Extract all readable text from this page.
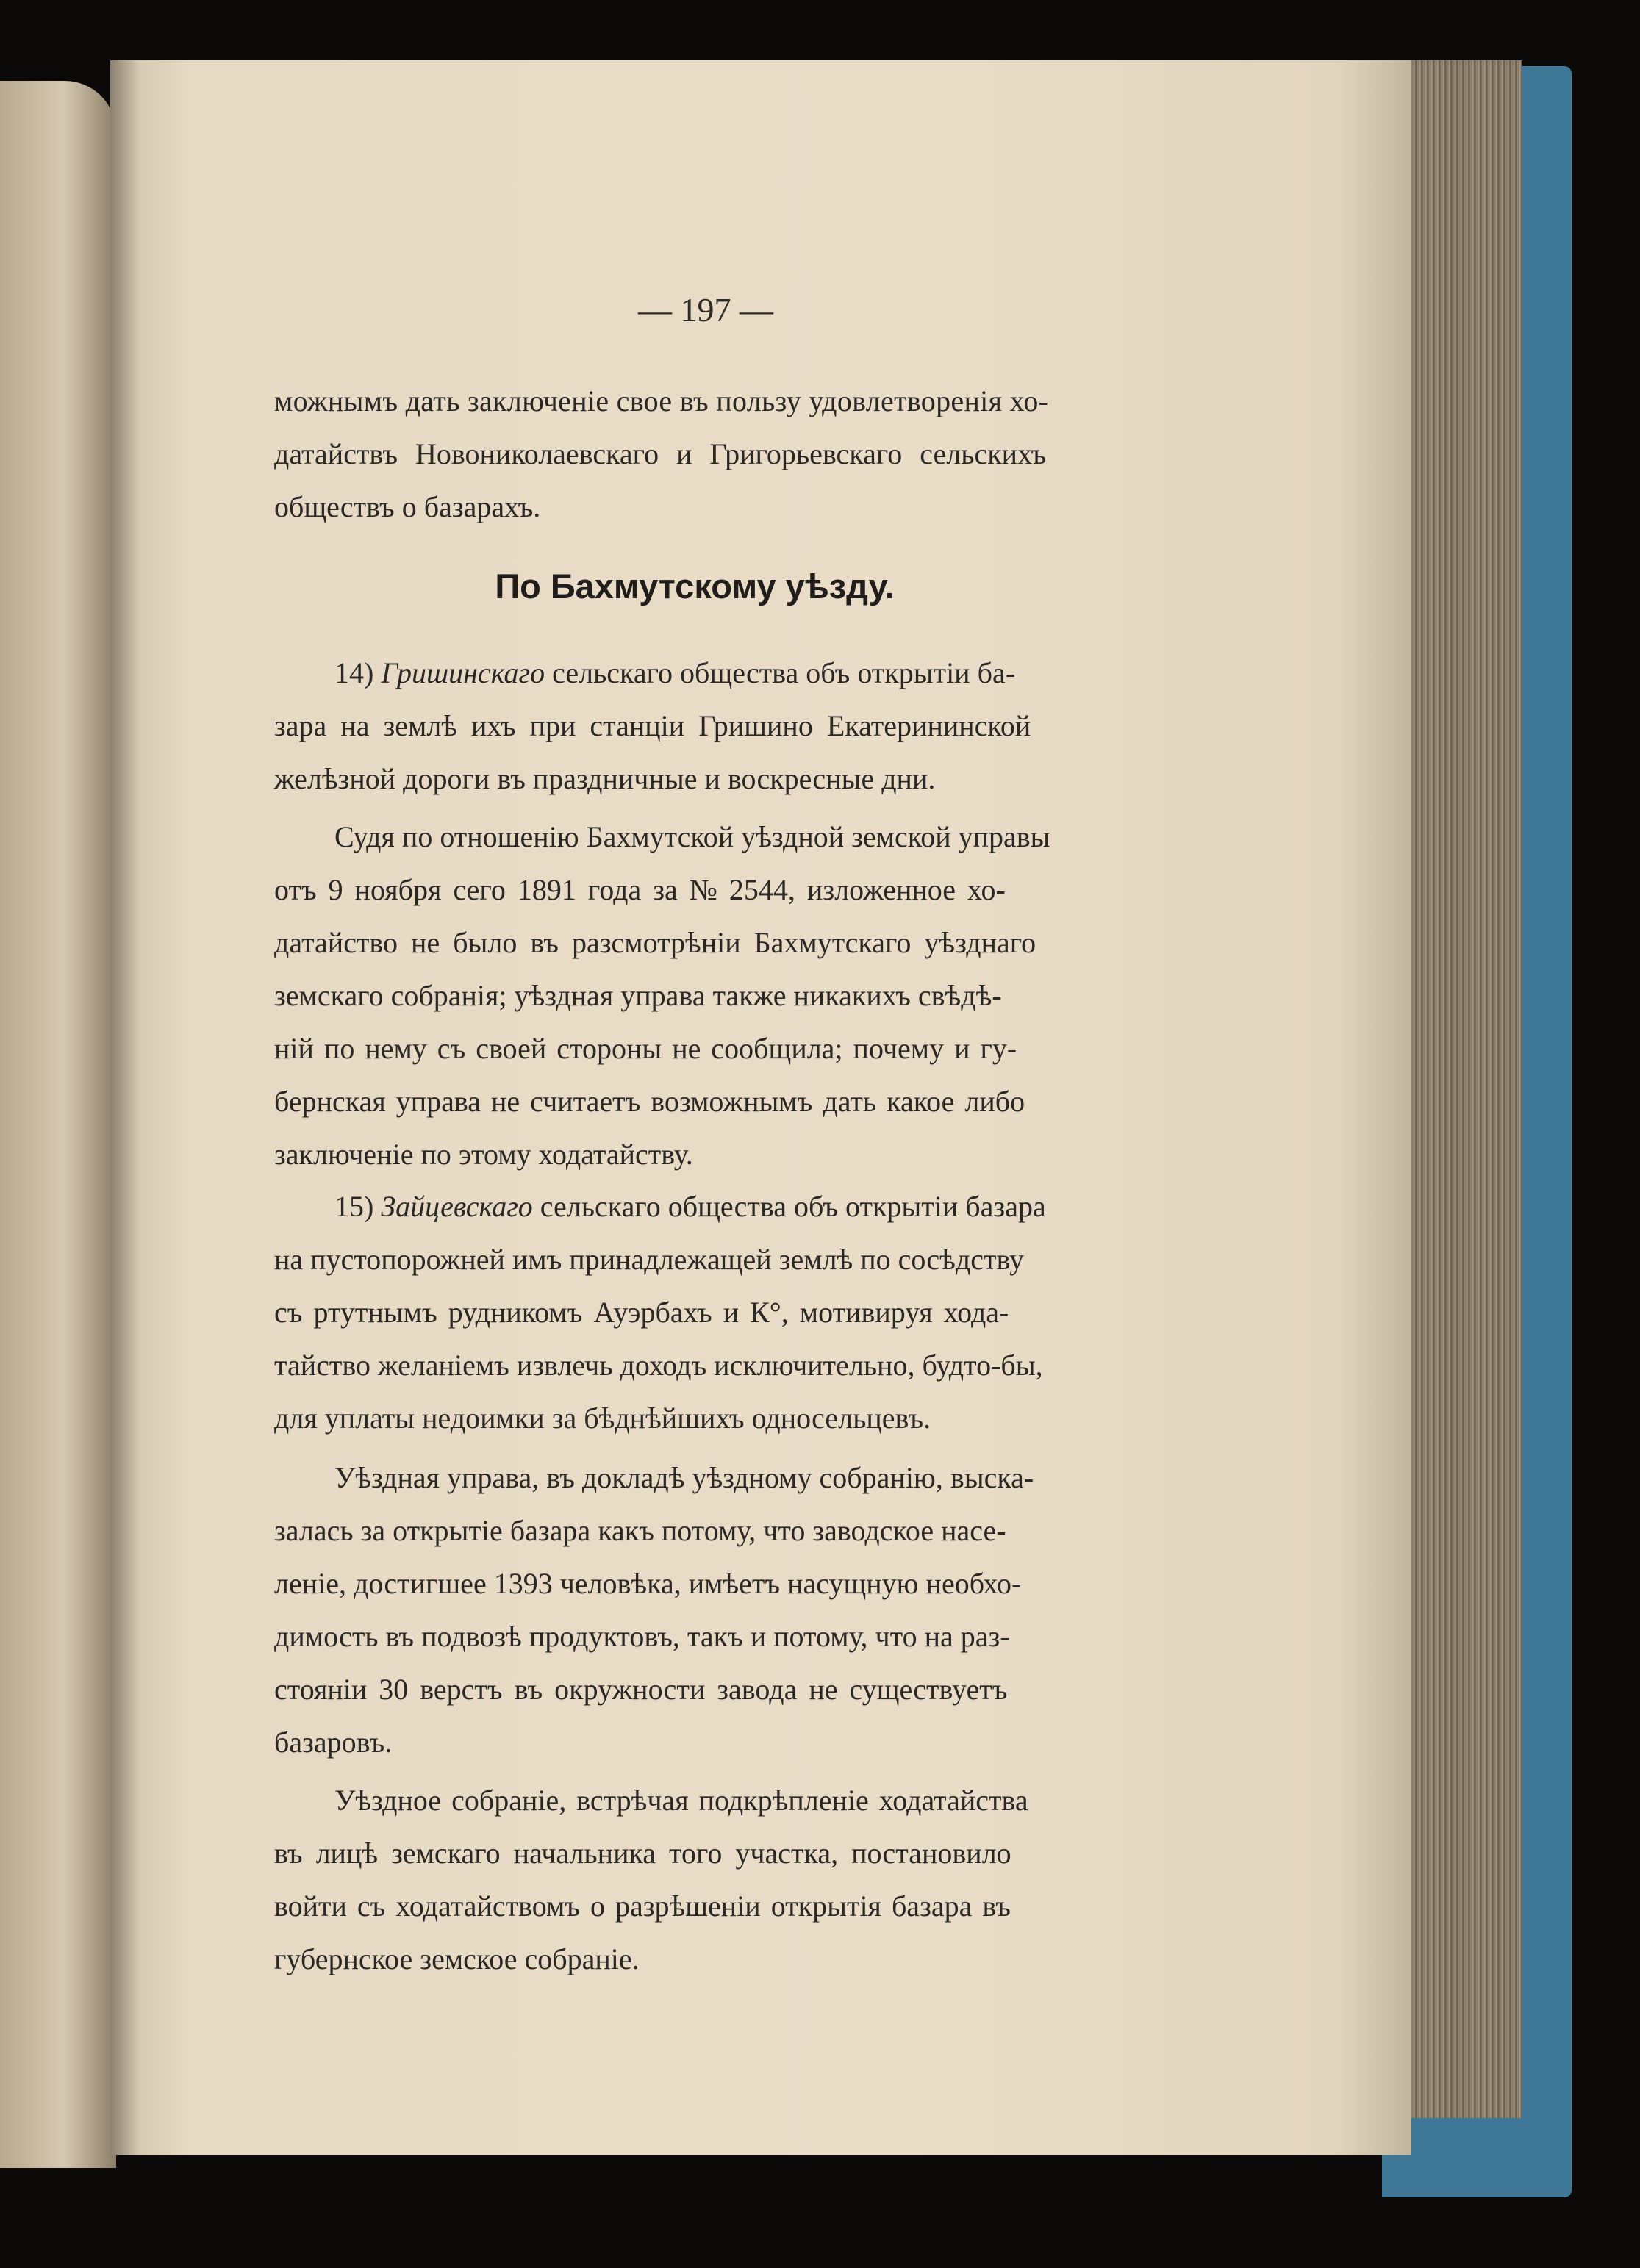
— 197 —
По Бахмутскому уѣзду.
можнымъ дать заключеніе свое въ пользу удовлетворенія хо-
датайствъ Новониколаевскаго и Григорьевскаго сельскихъ
обществъ о базарахъ.
14) Гришинскаго сельскаго общества объ открытіи ба-
зара на землѣ ихъ при станціи Гришино Екатерининской
желѣзной дороги въ праздничные и воскресные дни.
Судя по отношенію Бахмутской уѣздной земской управы
отъ 9 ноября сего 1891 года за № 2544, изложенное хо-
датайство не было въ разсмотрѣніи Бахмутскаго уѣзднаго
земскаго собранія; уѣздная управа также никакихъ свѣдѣ-
ній по нему съ своей стороны не сообщила; почему и гу-
бернская управа не считаетъ возможнымъ дать какое либо
заключеніе по этому ходатайству.
15) Зайцевскаго сельскаго общества объ открытіи базара
на пустопорожней имъ принадлежащей землѣ по сосѣдству
съ ртутнымъ рудникомъ Ауэрбахъ и К°, мотивируя хода-
тайство желаніемъ извлечь доходъ исключительно, будто-бы,
для уплаты недоимки за бѣднѣйшихъ односельцевъ.
Уѣздная управа, въ докладѣ уѣздному собранію, выска-
залась за открытіе базара какъ потому, что заводское насе-
леніе, достигшее 1393 человѣка, имѣетъ насущную необхо-
димость въ подвозѣ продуктовъ, такъ и потому, что на раз-
стояніи 30 верстъ въ окружности завода не существуетъ
базаровъ.
Уѣздное собраніе, встрѣчая подкрѣпленіе ходатайства
въ лицѣ земскаго начальника того участка, постановило
войти съ ходатайствомъ о разрѣшеніи открытія базара въ
губернское земское собраніе.
